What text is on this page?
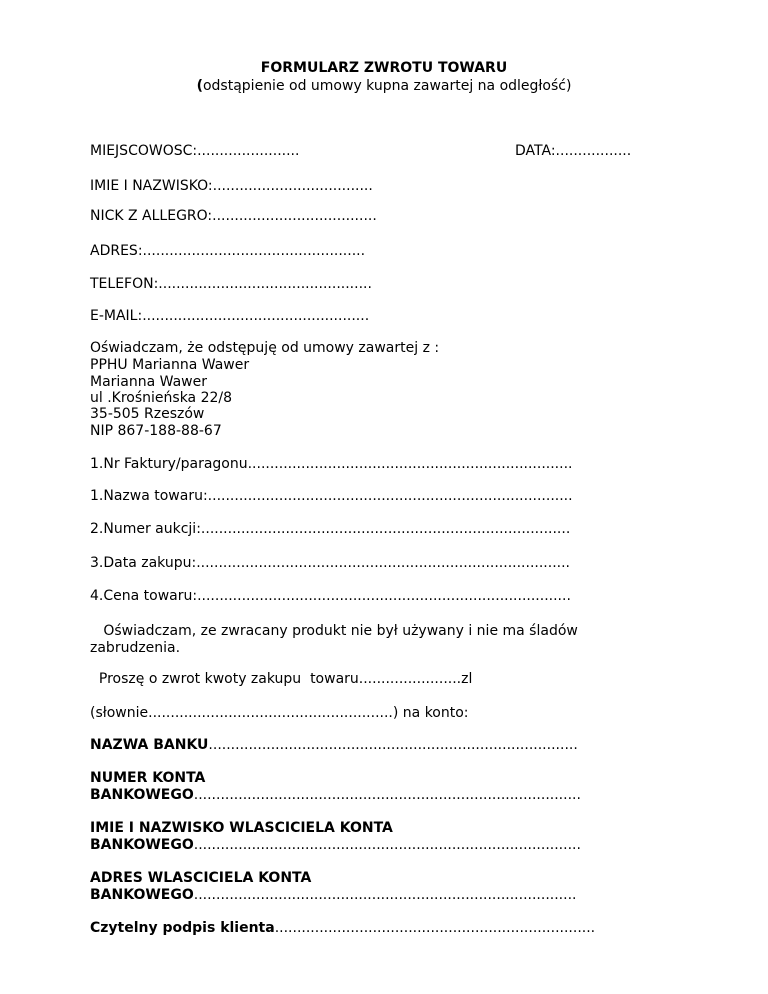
FORMULARZ ZWROTU TOWARU
(odstąpienie od umowy kupna zawartej na odległość)
MIEJSCOWOSC:.......................	DATA:.................
IMIE I NAZWISKO:....................................
NICK Z ALLEGRO:.....................................
ADRES:..................................................
TELEFON:................................................
E-MAIL:...................................................
Oświadczam, że odstępuję od umowy zawartej z :
PPHU Marianna Wawer
Marianna Wawer
ul .Krośnieńska 22/8
35-505 Rzeszów
NIP 867-188-88-67
1.Nr Faktury/paragonu.........................................................................
1.Nazwa towaru:..................................................................................
2.Numer aukcji:...................................................................................
3.Data zakupu:....................................................................................
4.Cena towaru:....................................................................................
Oświadczam, ze zwracany produkt nie był używany i nie ma śladów
zabrudzenia.
Proszę o zwrot kwoty zakupu  towaru.......................zl
(słownie.......................................................) na konto:
NAZWA BANKU...................................................................................
NUMER KONTA
BANKOWEGO.......................................................................................
IMIE I NAZWISKO WLASCICIELA KONTA
BANKOWEGO.......................................................................................
ADRES WLASCICIELA KONTA
BANKOWEGO......................................................................................
Czytelny podpis klienta........................................................................
